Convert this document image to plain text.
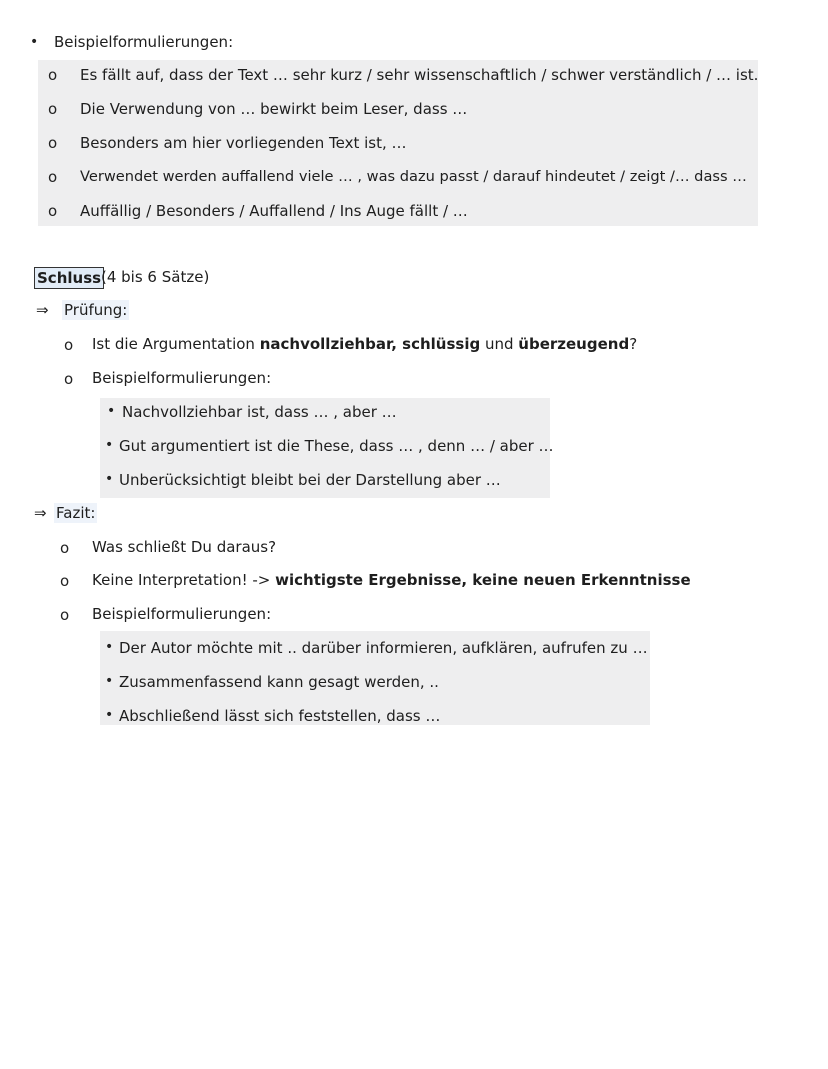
• Beispielformulierungen:
o Es fällt auf, dass der Text … sehr kurz / sehr wissenschaftlich / schwer verständlich / … ist.
o Die Verwendung von … bewirkt beim Leser, dass …
o Besonders am hier vorliegenden Text ist, …
o Verwendet werden auffallend viele … , was dazu passt / darauf hindeutet / zeigt /… dass …
o Auffällig / Besonders / Auffallend / Ins Auge fällt / …
Schluss (4 bis 6 Sätze)
⇒ Prüfung:
o Ist die Argumentation nachvollziehbar, schlüssig und überzeugend?
o Beispielformulierungen:
• Nachvollziehbar ist, dass … , aber …
• Gut argumentiert ist die These, dass … , denn … / aber …
• Unberücksichtigt bleibt bei der Darstellung aber …
⇒ Fazit:
o Was schließt Du daraus?
o Keine Interpretation! -> wichtigste Ergebnisse, keine neuen Erkenntnisse
o Beispielformulierungen:
• Der Autor möchte mit .. darüber informieren, aufklären, aufrufen zu …
• Zusammenfassend kann gesagt werden, ..
• Abschließend lässt sich feststellen, dass …
